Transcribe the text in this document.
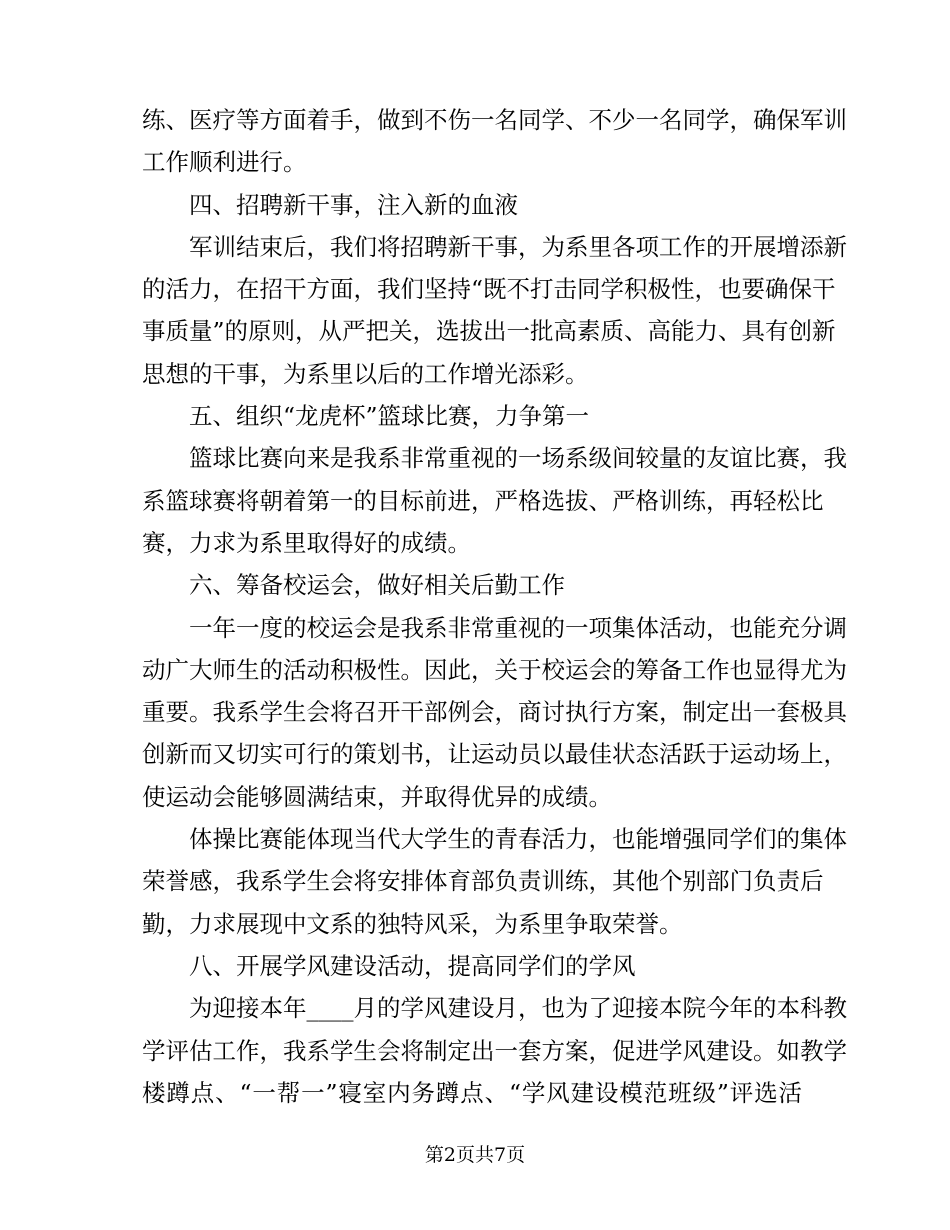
练、医疗等方面着手，做到不伤一名同学、不少一名同学，确保军训
工作顺利进行。
四、招聘新干事，注入新的血液
军训结束后，我们将招聘新干事，为系里各项工作的开展增添新
的活力，在招干方面，我们坚持“既不打击同学积极性，也要确保干
事质量”的原则，从严把关，选拔出一批高素质、高能力、具有创新
思想的干事，为系里以后的工作增光添彩。
五、组织“龙虎杯”篮球比赛，力争第一
篮球比赛向来是我系非常重视的一场系级间较量的友谊比赛，我
系篮球赛将朝着第一的目标前进，严格选拔、严格训练，再轻松比
赛，力求为系里取得好的成绩。
六、筹备校运会，做好相关后勤工作
一年一度的校运会是我系非常重视的一项集体活动，也能充分调
动广大师生的活动积极性。因此，关于校运会的筹备工作也显得尤为
重要。我系学生会将召开干部例会，商讨执行方案，制定出一套极具
创新而又切实可行的策划书，让运动员以最佳状态活跃于运动场上，
使运动会能够圆满结束，并取得优异的成绩。
体操比赛能体现当代大学生的青春活力，也能增强同学们的集体
荣誉感，我系学生会将安排体育部负责训练，其他个别部门负责后
勤，力求展现中文系的独特风采，为系里争取荣誉。
八、开展学风建设活动，提高同学们的学风
为迎接本年____月的学风建设月，也为了迎接本院今年的本科教
学评估工作，我系学生会将制定出一套方案，促进学风建设。如教学
楼蹲点、“一帮一”寝室内务蹲点、“学风建设模范班级”评选活
第2页共7页
